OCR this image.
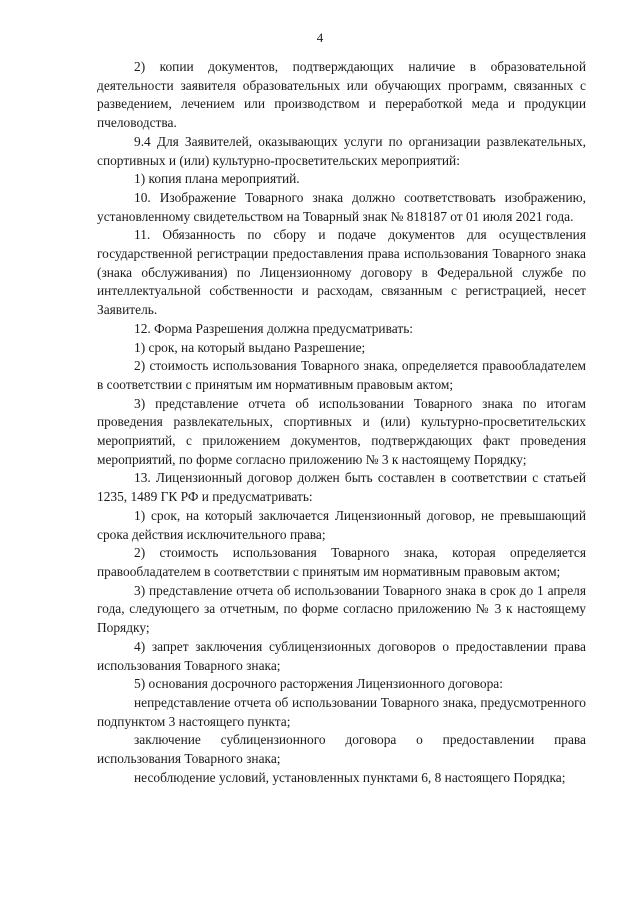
4

2) копии документов, подтверждающих наличие в образовательной деятельности заявителя образовательных или обучающих программ, связанных с разведением, лечением или производством и переработкой меда и продукции пчеловодства.

9.4 Для Заявителей, оказывающих услуги по организации развлекательных, спортивных и (или) культурно-просветительских мероприятий:

1) копия плана мероприятий.

10. Изображение Товарного знака должно соответствовать изображению, установленному свидетельством на Товарный знак № 818187 от 01 июля 2021 года.

11. Обязанность по сбору и подаче документов для осуществления государственной регистрации предоставления права использования Товарного знака (знака обслуживания) по Лицензионному договору в Федеральной службе по интеллектуальной собственности и расходам, связанным с регистрацией, несет Заявитель.

12. Форма Разрешения должна предусматривать:

1) срок, на который выдано Разрешение;

2) стоимость использования Товарного знака, определяется правообладателем в соответствии с принятым им нормативным правовым актом;

3) представление отчета об использовании Товарного знака по итогам проведения развлекательных, спортивных и (или) культурно-просветительских мероприятий, с приложением документов, подтверждающих факт проведения мероприятий, по форме согласно приложению № 3 к настоящему Порядку;

13. Лицензионный договор должен быть составлен в соответствии с статьей 1235, 1489 ГК РФ и предусматривать:

1) срок, на который заключается Лицензионный договор, не превышающий срока действия исключительного права;

2) стоимость использования Товарного знака, которая определяется правообладателем в соответствии с принятым им нормативным правовым актом;

3) представление отчета об использовании Товарного знака в срок до 1 апреля года, следующего за отчетным, по форме согласно приложению № 3 к настоящему Порядку;

4) запрет заключения сублицензионных договоров о предоставлении права использования Товарного знака;

5) основания досрочного расторжения Лицензионного договора:

непредставление отчета об использовании Товарного знака, предусмотренного подпунктом 3 настоящего пункта;

заключение сублицензионного договора о предоставлении права использования Товарного знака;

несоблюдение условий, установленных пунктами 6, 8 настоящего Порядка;
